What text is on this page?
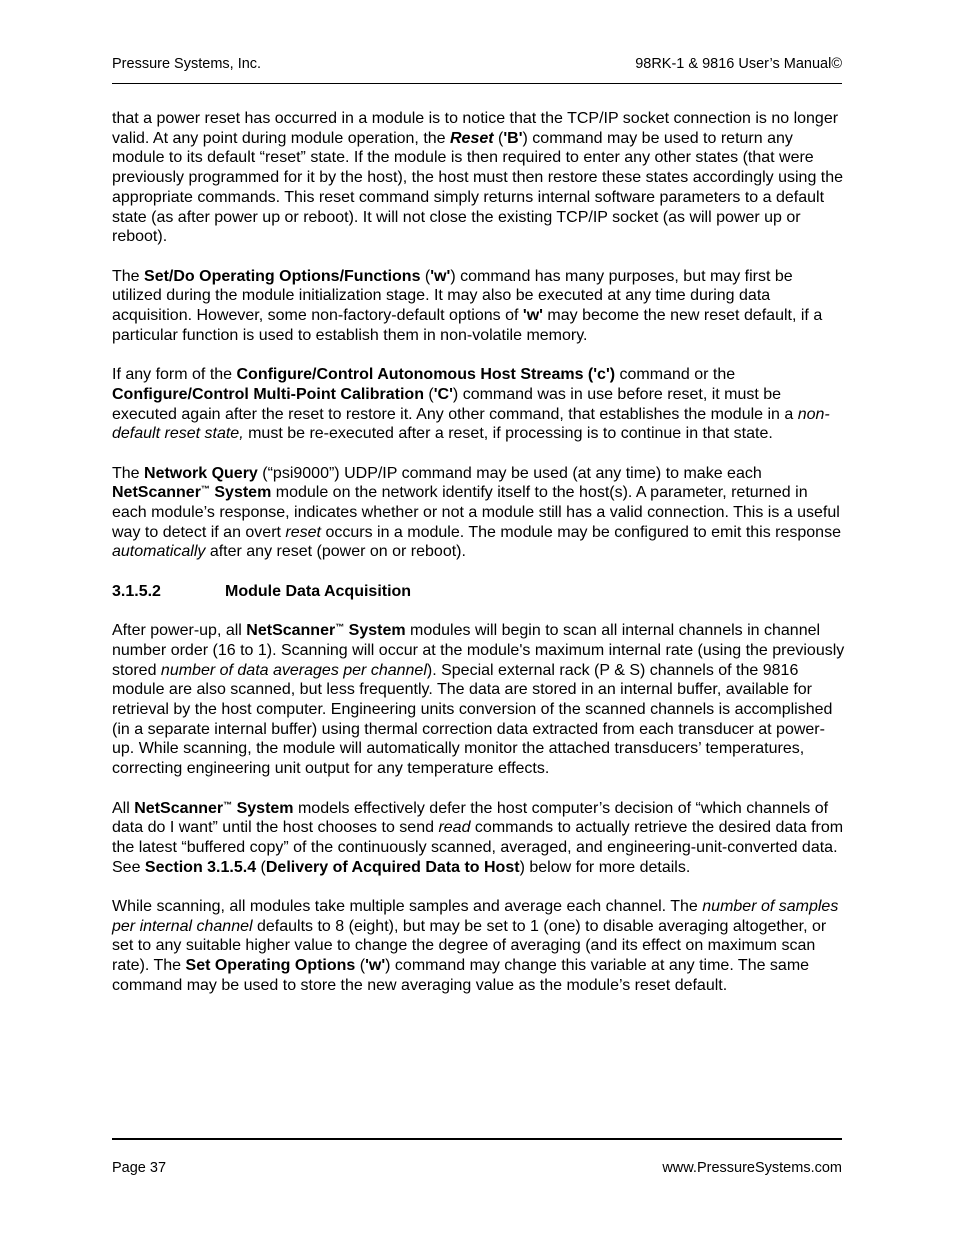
Pressure Systems, Inc.	98RK-1 & 9816 User’s Manual©

that a power reset has occurred in a module is to notice that the TCP/IP socket connection is no longer valid. At any point during module operation, the Reset ('B') command may be used to return any module to its default “reset” state. If the module is then required to enter any other states (that were previously programmed for it by the host), the host must then restore these states accordingly using the appropriate commands. This reset command simply returns internal software parameters to a default state (as after power up or reboot). It will not close the existing TCP/IP socket (as will power up or reboot).

The Set/Do Operating Options/Functions ('w') command has many purposes, but may first be utilized during the module initialization stage. It may also be executed at any time during data acquisition. However, some non-factory-default options of 'w' may become the new reset default, if a particular function is used to establish them in non-volatile memory.

If any form of the Configure/Control Autonomous Host Streams ('c') command or the Configure/Control Multi-Point Calibration ('C') command was in use before reset, it must be executed again after the reset to restore it. Any other command, that establishes the module in a non-default reset state, must be re-executed after a reset, if processing is to continue in that state.

The Network Query (“psi9000”) UDP/IP command may be used (at any time) to make each NetScanner™ System module on the network identify itself to the host(s). A parameter, returned in each module’s response, indicates whether or not a module still has a valid connection. This is a useful way to detect if an overt reset occurs in a module. The module may be configured to emit this response automatically after any reset (power on or reboot).

3.1.5.2	Module Data Acquisition

After power-up, all NetScanner™ System modules will begin to scan all internal channels in channel number order (16 to 1). Scanning will occur at the module's maximum internal rate (using the previously stored number of data averages per channel). Special external rack (P & S) channels of the 9816 module are also scanned, but less frequently. The data are stored in an internal buffer, available for retrieval by the host computer. Engineering units conversion of the scanned channels is accomplished (in a separate internal buffer) using thermal correction data extracted from each transducer at power-up. While scanning, the module will automatically monitor the attached transducers’ temperatures, correcting engineering unit output for any temperature effects.

All NetScanner™ System models effectively defer the host computer’s decision of “which channels of data do I want” until the host chooses to send read commands to actually retrieve the desired data from the latest “buffered copy” of the continuously scanned, averaged, and engineering-unit-converted data. See Section 3.1.5.4 (Delivery of Acquired Data to Host) below for more details.

While scanning, all modules take multiple samples and average each channel. The number of samples per internal channel defaults to 8 (eight), but may be set to 1 (one) to disable averaging altogether, or set to any suitable higher value to change the degree of averaging (and its effect on maximum scan rate). The Set Operating Options ('w') command may change this variable at any time. The same command may be used to store the new averaging value as the module’s reset default.

Page 37	www.PressureSystems.com
